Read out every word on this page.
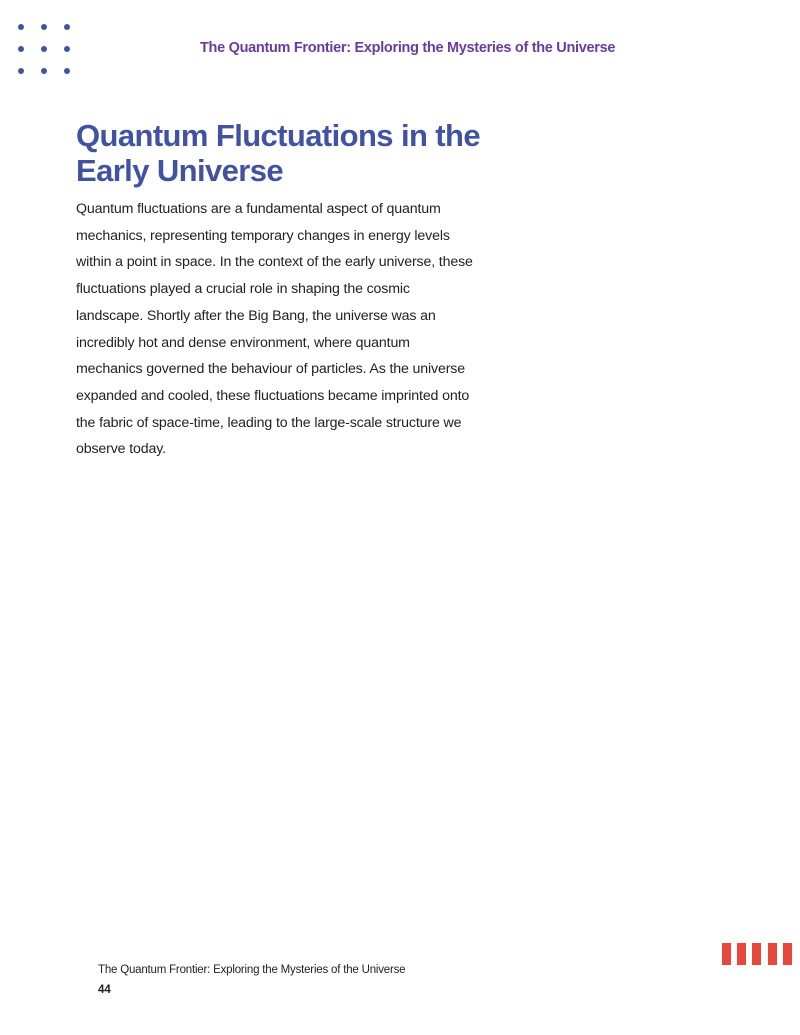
The Quantum Frontier: Exploring the Mysteries of the Universe
Quantum Fluctuations in the Early Universe

Quantum fluctuations are a fundamental aspect of quantum mechanics, representing temporary changes in energy levels within a point in space. In the context of the early universe, these fluctuations played a crucial role in shaping the cosmic landscape. Shortly after the Big Bang, the universe was an incredibly hot and dense environment, where quantum mechanics governed the behaviour of particles. As the universe expanded and cooled, these fluctuations became imprinted onto the fabric of space-time, leading to the large-scale structure we observe today.

The Quantum Frontier: Exploring the Mysteries of the Universe
44
